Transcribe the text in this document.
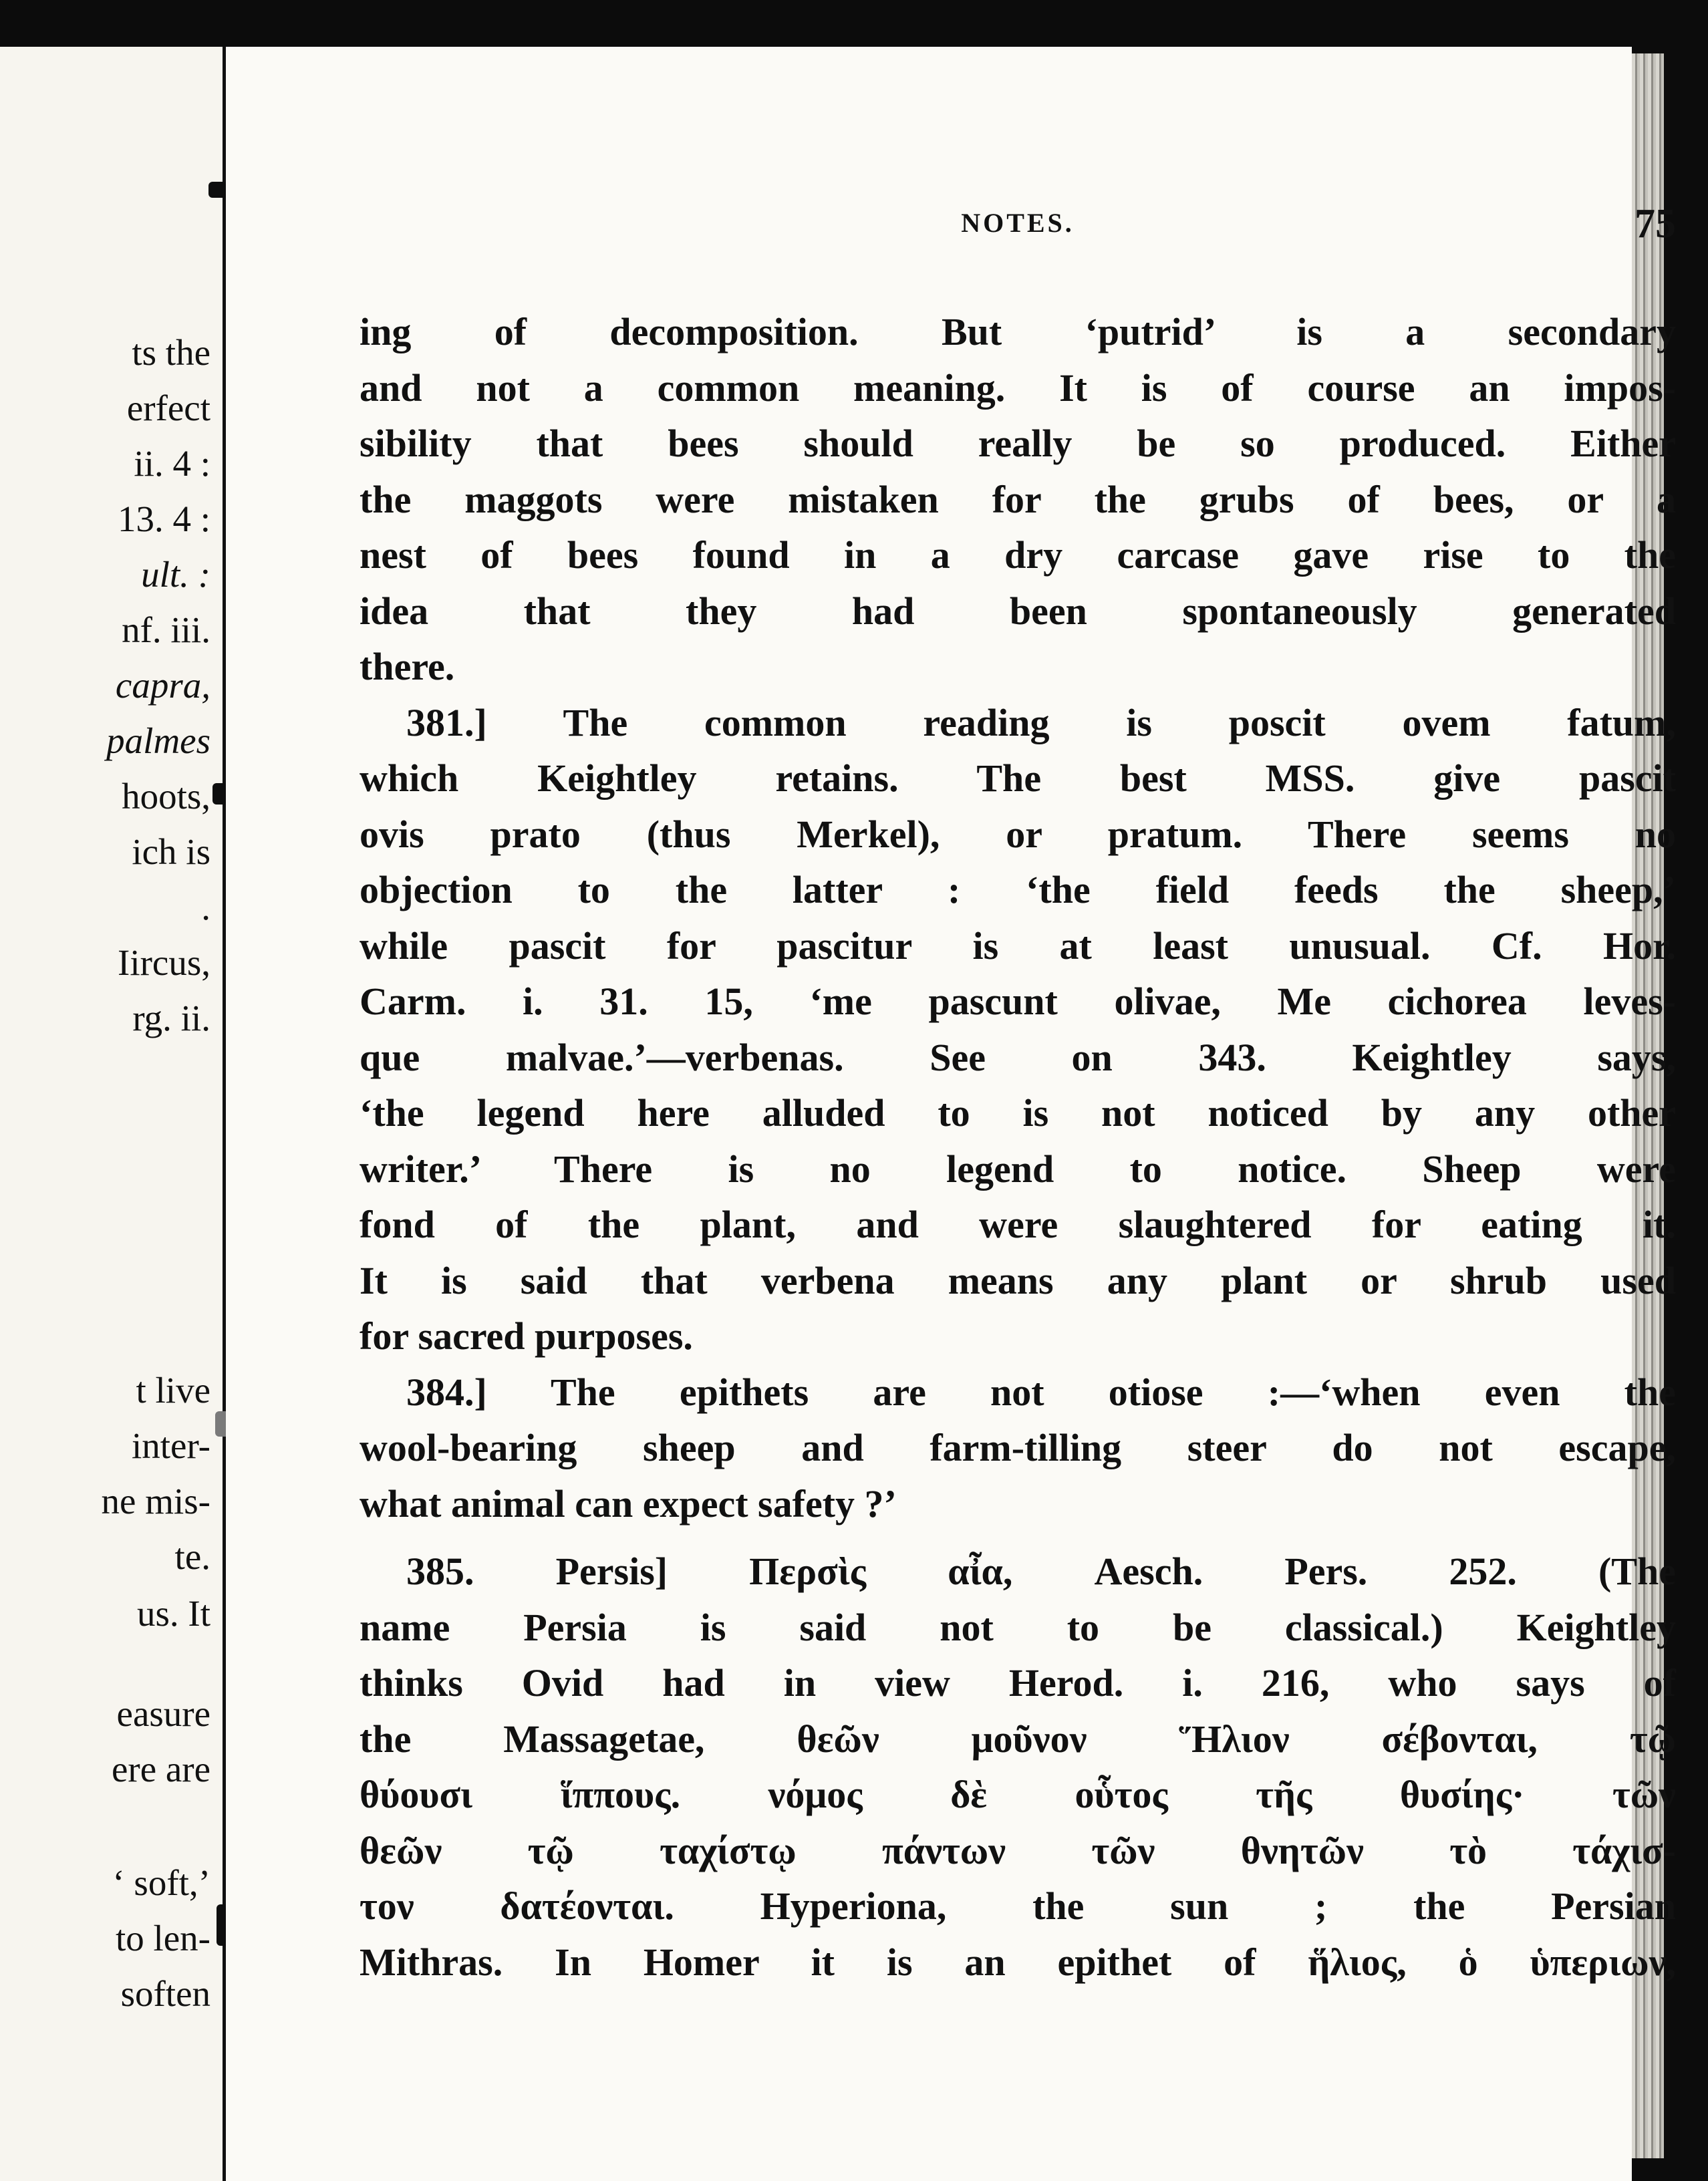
ts the
erfect
ii. 4 :
13. 4 :
ult. :
nf. iii.
capra,
palmes
hoots,
ich is
.
Iircus,
rg. ii.
t live
inter-
ne mis-
te.
us. It
easure
ere are
‘ soft,’
to len-
soften
NOTES.	75
ing of decomposition. But ‘putrid’ is a secondary
and not a common meaning. It is of course an impos-
sibility that bees should really be so produced. Either
the maggots were mistaken for the grubs of bees, or a
nest of bees found in a dry carcase gave rise to the
idea that they had been spontaneously generated
there.
381.] The common reading is poscit ovem fatum,
which Keightley retains. The best MSS. give pascit
ovis prato (thus Merkel), or pratum. There seems no
objection to the latter : ‘the field feeds the sheep,’
while pascit for pascitur is at least unusual. Cf. Hor.
Carm. i. 31. 15, ‘me pascunt olivae, Me cichorea leves-
que malvae.’—verbenas. See on 343. Keightley says,
‘the legend here alluded to is not noticed by any other
writer.’ There is no legend to notice. Sheep were
fond of the plant, and were slaughtered for eating it.
It is said that verbena means any plant or shrub used
for sacred purposes.
384.] The epithets are not otiose :—‘when even the
wool-bearing sheep and farm-tilling steer do not escape,
what animal can expect safety ?’
385. Persis] Περσὶς αἶα, Aesch. Pers. 252. (The
name Persia is said not to be classical.) Keightley
thinks Ovid had in view Herod. i. 216, who says of
the Massagetae, θεῶν μοῦνον Ἥλιον σέβονται, τῷ
θύουσι ἵππους. νόμος δὲ οὗτος τῆς θυσίης· τῶν
θεῶν τῷ ταχίστῳ πάντων τῶν θνητῶν τὸ τάχισ-
τον δατέονται. Hyperiona, the sun ; the Persian
Mithras. In Homer it is an epithet of ἥλιος, ὁ ὑπεριων,
